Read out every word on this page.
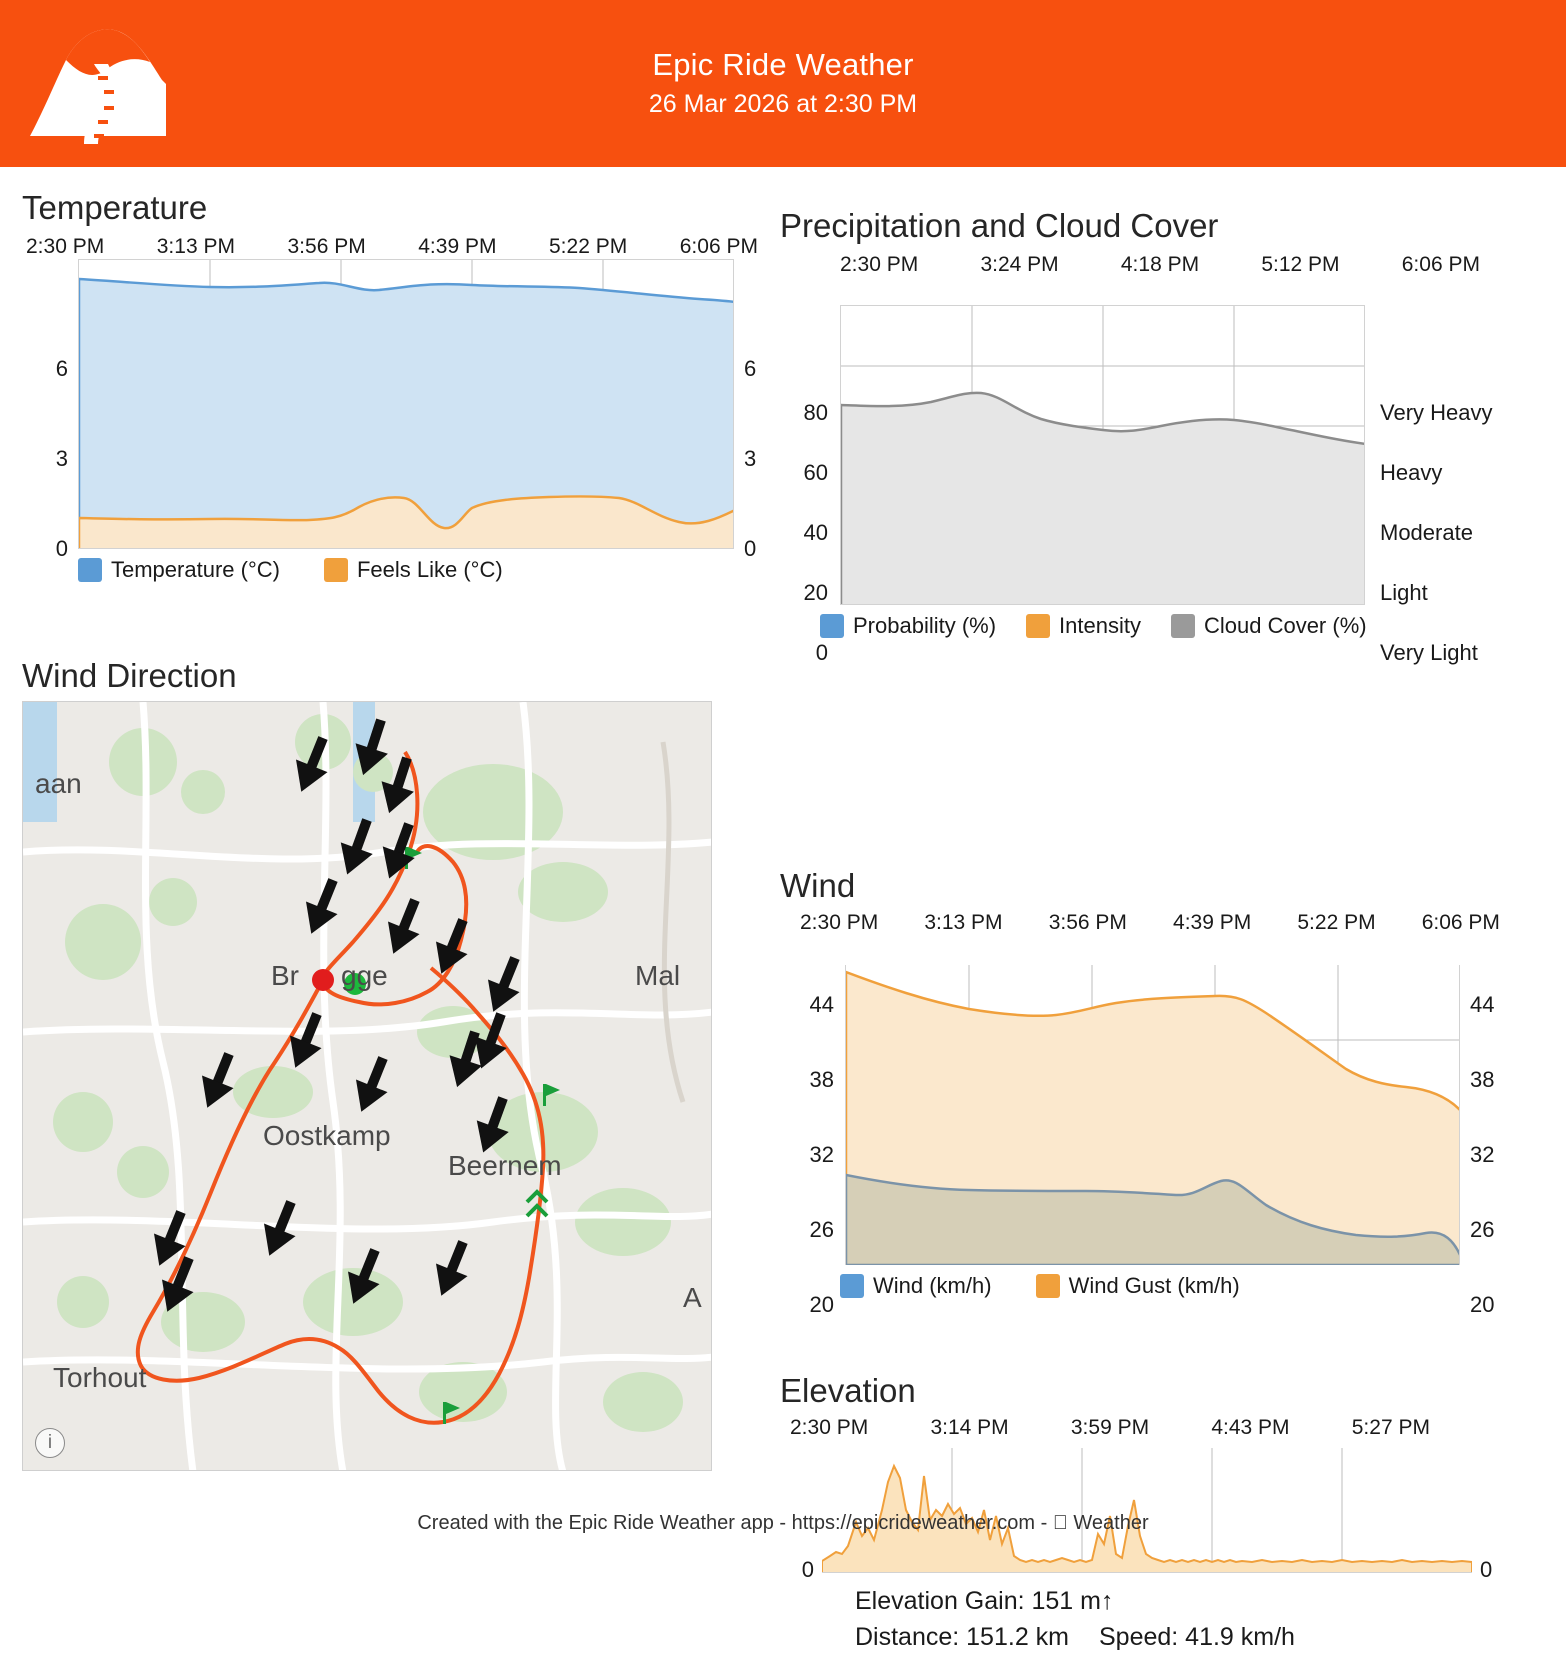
Epic Ride Weather
26 Mar 2026 at 2:30 PM
Temperature
2:30 PM	3:13 PM	3:56 PM	4:39 PM	5:22 PM	6:06 PM
6
3
0
6
3
0
Temperature (°C)	Feels Like (°C)
Precipitation and Cloud Cover
2:30 PM	3:24 PM	4:18 PM	5:12 PM	6:06 PM
80
60
40
20
0
Very Heavy
Heavy
Moderate
Light
Very Light
Probability (%)	Intensity	Cloud Cover (%)
Wind Direction
aan
Br gge	Mal
Oostkamp
Beernem
A
Torhout
i
Wind
2:30 PM 3:13 PM 3:56 PM 4:39 PM 5:22 PM 6:06 PM
44
38
32
26
20
44
38
32
26
20
Wind (km/h)	Wind Gust (km/h)
Elevation
2:30 PM	3:14 PM	3:59 PM	4:43 PM	5:27 PM
0	0
Elevation Gain: 151 m↑
Distance: 151.2 km Speed: 41.9 km/h
Created with the Epic Ride Weather app - https://epicrideweather.com - Weather
